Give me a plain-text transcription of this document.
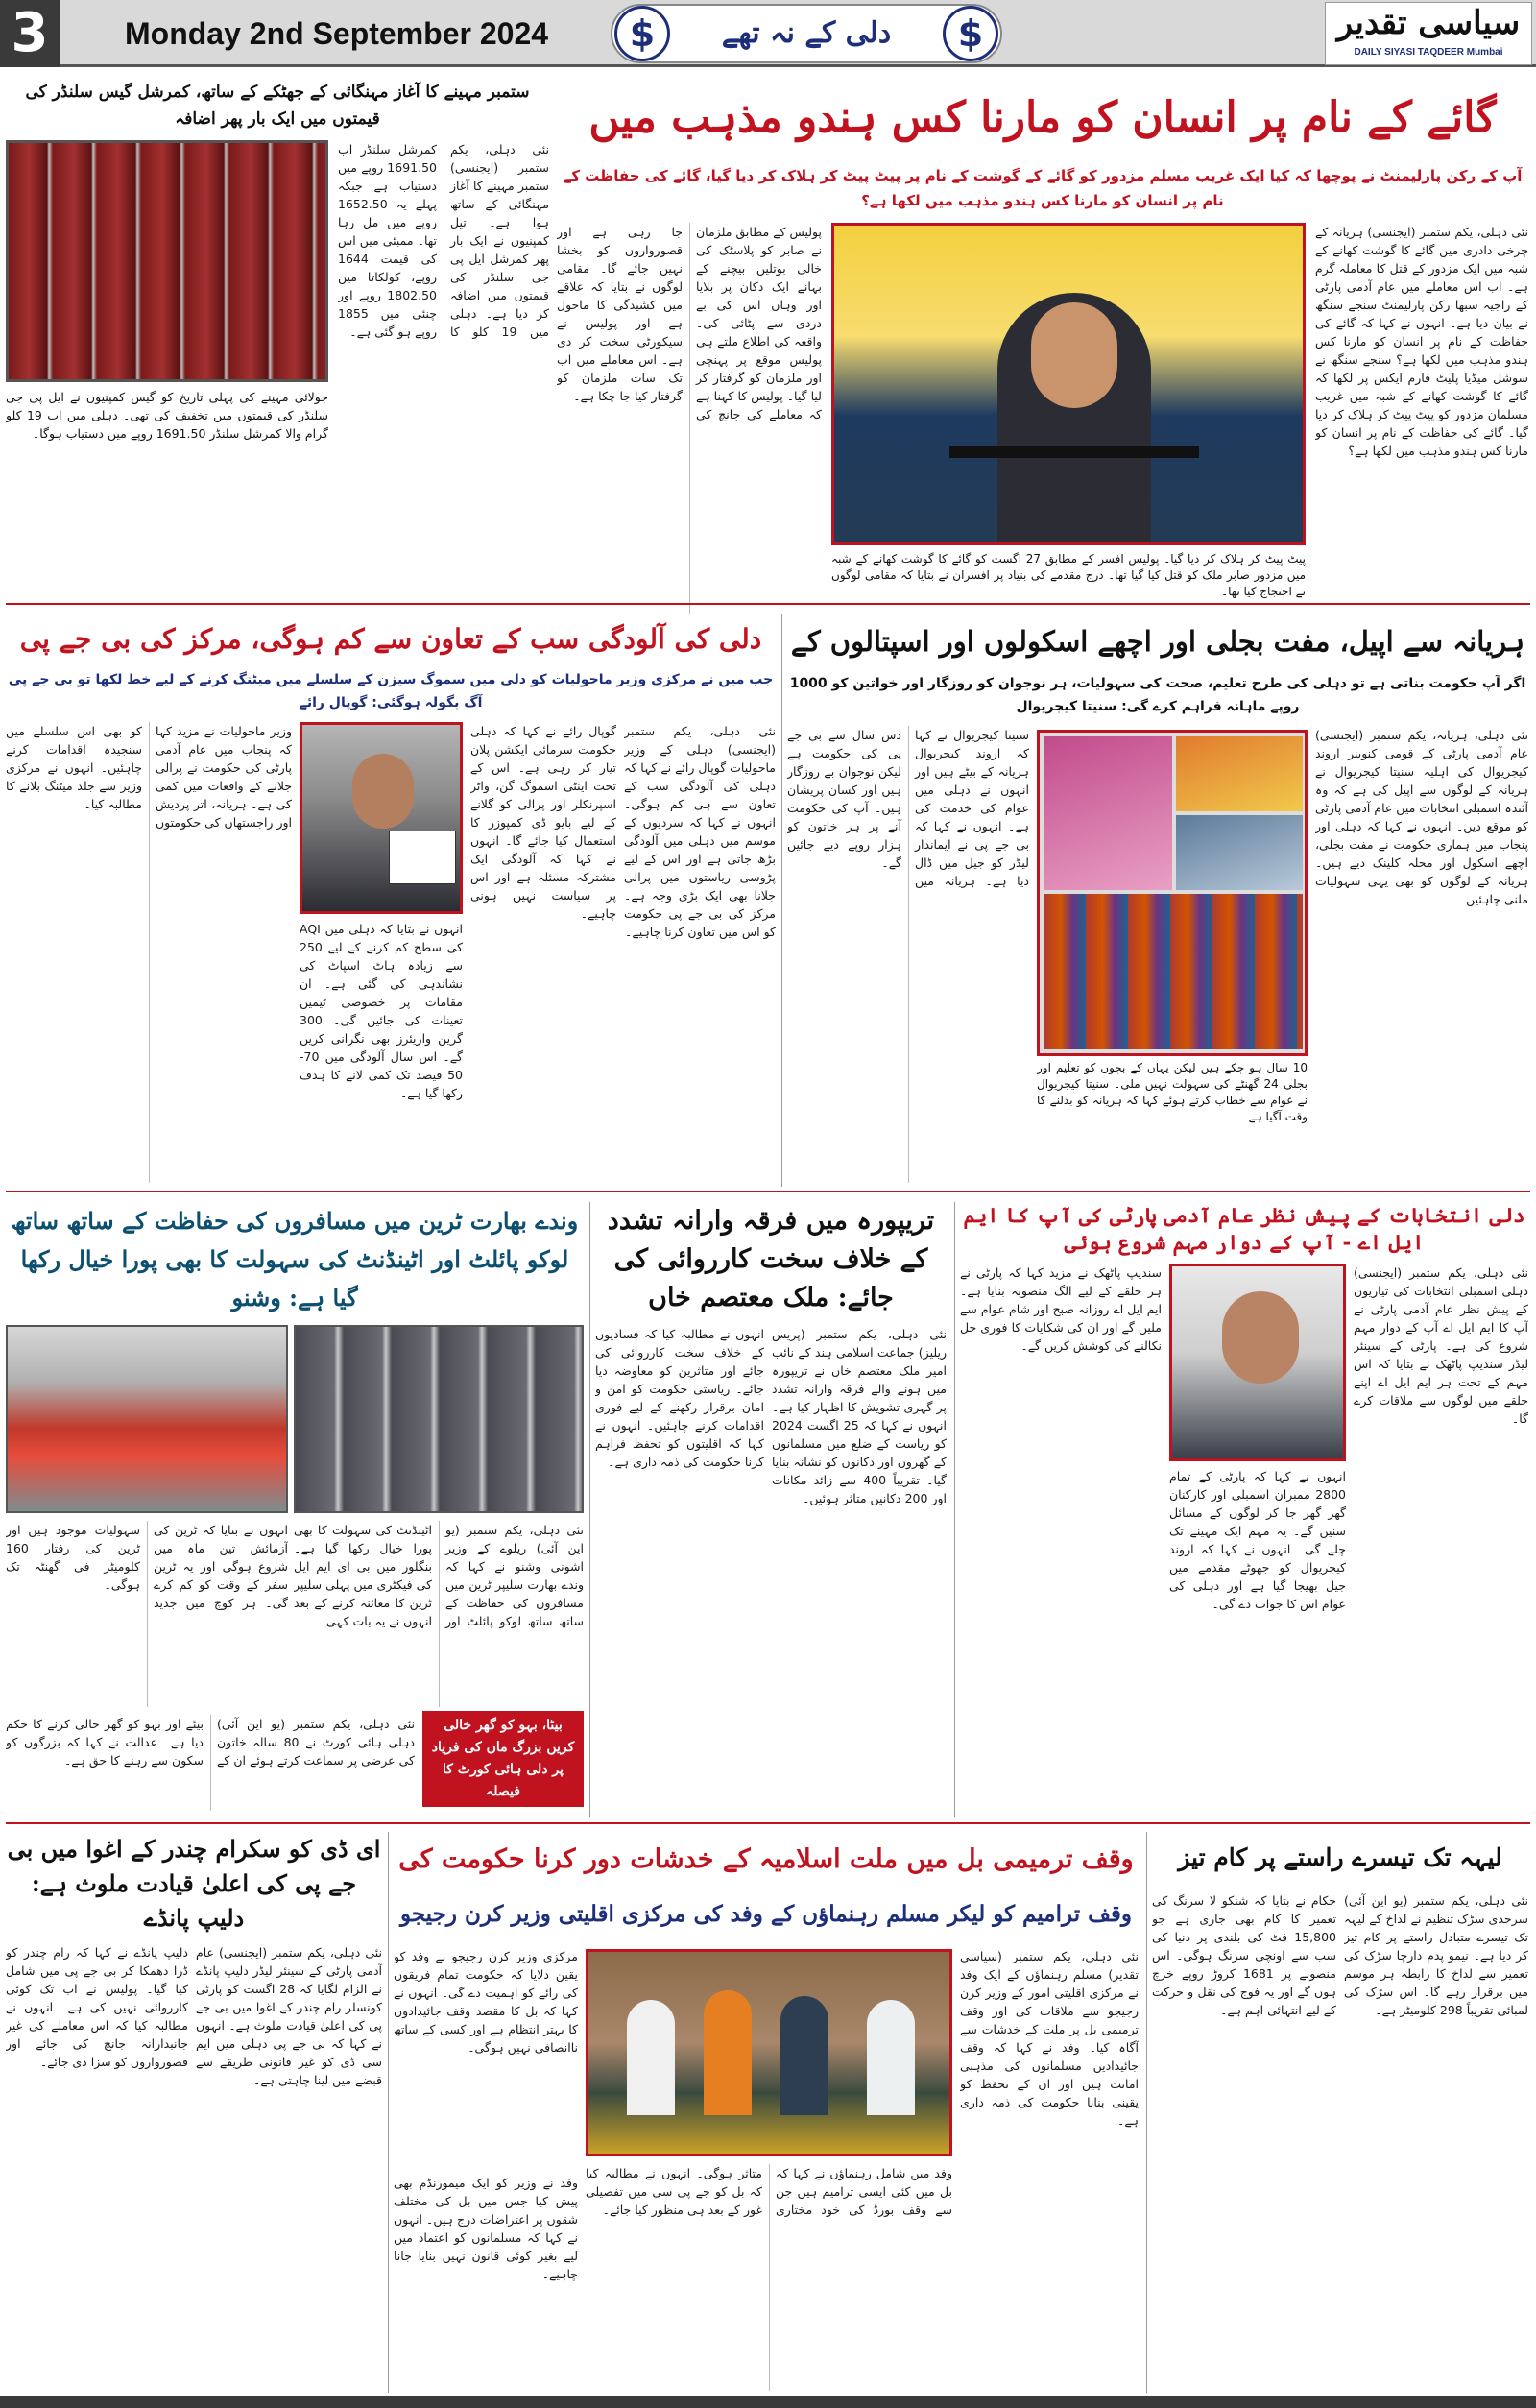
3	Monday 2nd September 2024	$	$
دلی کے نہ تھے	سیاسی تقدیر
DAILY SIYASI TAQDEER Mumbai
گائے کے نام پر انسان کو مارنا کس ہندو مذہب میں
آپ کے رکن پارلیمنٹ نے پوچھا کہ کیا ایک غریب مسلم مزدور کو گائے کے گوشت کے نام پر پیٹ پیٹ کر ہلاک کر دیا گیا، گائے کی حفاظت کے نام پر انسان کو مارنا کس ہندو مذہب میں لکھا ہے؟
نئی دہلی، یکم ستمبر (ایجنسی) ہریانہ کے چرخی دادری میں گائے کا گوشت کھانے کے شبہ میں ایک مزدور کے قتل کا معاملہ گرم ہے۔ اب اس معاملے میں عام آدمی پارٹی کے راجیہ سبھا رکن پارلیمنٹ سنجے سنگھ نے بیان دیا ہے۔ انہوں نے کہا کہ گائے کی حفاظت کے نام پر انسان کو مارنا کس ہندو مذہب میں لکھا ہے؟ سنجے سنگھ نے سوشل میڈیا پلیٹ فارم ایکس پر لکھا کہ گائے کا گوشت کھانے کے شبہ میں غریب مسلمان مزدور کو پیٹ پیٹ کر ہلاک کر دیا گیا۔ گائے کی حفاظت کے نام پر انسان کو مارنا کس ہندو مذہب میں لکھا ہے؟
پیٹ پیٹ کر ہلاک کر دیا گیا۔ پولیس افسر کے مطابق 27 اگست کو گائے کا گوشت کھانے کے شبہ میں مزدور صابر ملک کو قتل کیا گیا تھا۔ درج مقدمے کی بنیاد پر افسران نے بتایا کہ مقامی لوگوں نے احتجاج کیا تھا۔
پولیس کے مطابق ملزمان نے صابر کو پلاسٹک کی خالی بوتلیں بیچنے کے بہانے ایک دکان پر بلایا اور وہاں اس کی بے دردی سے پٹائی کی۔ واقعہ کی اطلاع ملتے ہی پولیس موقع پر پہنچی اور ملزمان کو گرفتار کر لیا گیا۔ پولیس کا کہنا ہے کہ معاملے کی جانچ کی جا رہی ہے اور قصورواروں کو بخشا نہیں جائے گا۔ مقامی لوگوں نے بتایا کہ علاقے میں کشیدگی کا ماحول ہے اور پولیس نے سیکورٹی سخت کر دی ہے۔ اس معاملے میں اب تک سات ملزمان کو گرفتار کیا جا چکا ہے۔
ستمبر مہینے کا آغاز مہنگائی کے جھٹکے کے ساتھ، کمرشل گیس سلنڈر کی قیمتوں میں ایک بار پھر اضافہ
جولائی مہینے کی پہلی تاریخ کو گیس کمپنیوں نے ایل پی جی سلنڈر کی قیمتوں میں تخفیف کی تھی۔ دہلی میں اب 19 کلو گرام والا کمرشل سلنڈر 1691.50 روپے میں دستیاب ہوگا۔
نئی دہلی، یکم ستمبر (ایجنسی) ستمبر مہینے کا آغاز مہنگائی کے ساتھ ہوا ہے۔ تیل کمپنیوں نے ایک بار پھر کمرشل ایل پی جی سلنڈر کی قیمتوں میں اضافہ کر دیا ہے۔ دہلی میں 19 کلو کا کمرشل سلنڈر اب 1691.50 روپے میں دستیاب ہے جبکہ پہلے یہ 1652.50 روپے میں مل رہا تھا۔ ممبئی میں اس کی قیمت 1644 روپے، کولکاتا میں 1802.50 روپے اور چنئی میں 1855 روپے ہو گئی ہے۔
ہریانہ سے اپیل، مفت بجلی اور اچھے اسکولوں اور اسپتالوں کے
اگر آپ حکومت بناتی ہے تو دہلی کی طرح تعلیم، صحت کی سہولیات، ہر نوجوان کو روزگار اور خواتین کو 1000 روپے ماہانہ فراہم کرے گی: سنیتا کیجریوال
نئی دہلی، ہریانہ، یکم ستمبر (ایجنسی) عام آدمی پارٹی کے قومی کنوینر اروند کیجریوال کی اہلیہ سنیتا کیجریوال نے ہریانہ کے لوگوں سے اپیل کی ہے کہ وہ آئندہ اسمبلی انتخابات میں عام آدمی پارٹی کو موقع دیں۔ انہوں نے کہا کہ دہلی اور پنجاب میں ہماری حکومت نے مفت بجلی، اچھے اسکول اور محلہ کلینک دیے ہیں۔ ہریانہ کے لوگوں کو بھی یہی سہولیات ملنی چاہئیں۔
10 سال ہو چکے ہیں لیکن یہاں کے بچوں کو تعلیم اور بجلی 24 گھنٹے کی سہولت نہیں ملی۔ سنیتا کیجریوال نے عوام سے خطاب کرتے ہوئے کہا کہ ہریانہ کو بدلنے کا وقت آگیا ہے۔
سنیتا کیجریوال نے کہا کہ اروند کیجریوال ہریانہ کے بیٹے ہیں اور انہوں نے دہلی میں عوام کی خدمت کی ہے۔ انہوں نے کہا کہ بی جے پی نے ایماندار لیڈر کو جیل میں ڈال دیا ہے۔ ہریانہ میں دس سال سے بی جے پی کی حکومت ہے لیکن نوجوان بے روزگار ہیں اور کسان پریشان ہیں۔ آپ کی حکومت آنے پر ہر خاتون کو ہزار روپے دیے جائیں گے۔
دلی کی آلودگی سب کے تعاون سے کم ہوگی، مرکز کی بی جے پی
جب میں نے مرکزی وزیر ماحولیات کو دلی میں سموگ سیزن کے سلسلے میں میٹنگ کرنے کے لیے خط لکھا تو بی جے پی آگ بگولہ ہوگئی: گوپال رائے
نئی دہلی، یکم ستمبر (ایجنسی) دہلی کے وزیر ماحولیات گوپال رائے نے کہا کہ دہلی کی آلودگی سب کے تعاون سے ہی کم ہوگی۔ انہوں نے کہا کہ سردیوں کے موسم میں دہلی میں آلودگی بڑھ جاتی ہے اور اس کے لیے پڑوسی ریاستوں میں پرالی جلانا بھی ایک بڑی وجہ ہے۔ مرکز کی بی جے پی حکومت کو اس میں تعاون کرنا چاہیے۔
گوپال رائے نے کہا کہ دہلی حکومت سرمائی ایکشن پلان تیار کر رہی ہے۔ اس کے تحت اینٹی اسموگ گن، واٹر اسپرنکلر اور پرالی کو گلانے کے لیے بایو ڈی کمپوزر کا استعمال کیا جائے گا۔ انہوں نے کہا کہ آلودگی ایک مشترکہ مسئلہ ہے اور اس پر سیاست نہیں ہونی چاہیے۔
انہوں نے بتایا کہ دہلی میں AQI کی سطح کم کرنے کے لیے 250 سے زیادہ ہاٹ اسپاٹ کی نشاندہی کی گئی ہے۔ ان مقامات پر خصوصی ٹیمیں تعینات کی جائیں گی۔ 300 گرین واریئرز بھی نگرانی کریں گے۔ اس سال آلودگی میں 70-50 فیصد تک کمی لانے کا ہدف رکھا گیا ہے۔
وزیر ماحولیات نے مزید کہا کہ پنجاب میں عام آدمی پارٹی کی حکومت نے پرالی جلانے کے واقعات میں کمی کی ہے۔ ہریانہ، اتر پردیش اور راجستھان کی حکومتوں کو بھی اس سلسلے میں سنجیدہ اقدامات کرنے چاہئیں۔ انہوں نے مرکزی وزیر سے جلد میٹنگ بلانے کا مطالبہ کیا۔
دلی انتخابات کے پیش نظر عام آدمی پارٹی کی آپ کا ایم ایل اے - آپ کے دوار مہم شروع ہوئی
نئی دہلی، یکم ستمبر (ایجنسی) دہلی اسمبلی انتخابات کی تیاریوں کے پیش نظر عام آدمی پارٹی نے آپ کا ایم ایل اے آپ کے دوار مہم شروع کی ہے۔ پارٹی کے سینئر لیڈر سندیپ پاٹھک نے بتایا کہ اس مہم کے تحت ہر ایم ایل اے اپنے حلقے میں لوگوں سے ملاقات کرے گا۔
انہوں نے کہا کہ پارٹی کے تمام 2800 ممبران اسمبلی اور کارکنان گھر گھر جا کر لوگوں کے مسائل سنیں گے۔ یہ مہم ایک مہینے تک چلے گی۔ انہوں نے کہا کہ اروند کیجریوال کو جھوٹے مقدمے میں جیل بھیجا گیا ہے اور دہلی کی عوام اس کا جواب دے گی۔
سندیپ پاٹھک نے مزید کہا کہ پارٹی نے ہر حلقے کے لیے الگ منصوبہ بنایا ہے۔ ایم ایل اے روزانہ صبح اور شام عوام سے ملیں گے اور ان کی شکایات کا فوری حل نکالنے کی کوشش کریں گے۔
تریپورہ میں فرقہ وارانہ تشدد کے خلاف سخت کارروائی کی جائے: ملک معتصم خاں
نئی دہلی، یکم ستمبر (پریس ریلیز) جماعت اسلامی ہند کے نائب امیر ملک معتصم خاں نے تریپورہ میں ہونے والے فرقہ وارانہ تشدد پر گہری تشویش کا اظہار کیا ہے۔ انہوں نے کہا کہ 25 اگست 2024 کو ریاست کے ضلع میں مسلمانوں کے گھروں اور دکانوں کو نشانہ بنایا گیا۔ تقریباً 400 سے زائد مکانات اور 200 دکانیں متاثر ہوئیں۔
انہوں نے مطالبہ کیا کہ فسادیوں کے خلاف سخت کارروائی کی جائے اور متاثرین کو معاوضہ دیا جائے۔ ریاستی حکومت کو امن و امان برقرار رکھنے کے لیے فوری اقدامات کرنے چاہئیں۔ انہوں نے کہا کہ اقلیتوں کو تحفظ فراہم کرنا حکومت کی ذمہ داری ہے۔
وندے بھارت ٹرین میں مسافروں کی حفاظت کے ساتھ ساتھ لوکو پائلٹ اور اٹینڈنٹ کی سہولت کا بھی پورا خیال رکھا گیا ہے: وشنو
نئی دہلی، یکم ستمبر (یو این آئی) ریلوے کے وزیر اشونی وشنو نے کہا کہ وندے بھارت سلیپر ٹرین میں مسافروں کی حفاظت کے ساتھ ساتھ لوکو پائلٹ اور اٹینڈنٹ کی سہولت کا بھی پورا خیال رکھا گیا ہے۔ بنگلور میں بی ای ایم ایل کی فیکٹری میں پہلی سلیپر ٹرین کا معائنہ کرنے کے بعد انہوں نے یہ بات کہی۔
انہوں نے بتایا کہ ٹرین کی آزمائش تین ماہ میں شروع ہوگی اور یہ ٹرین سفر کے وقت کو کم کرے گی۔ ہر کوچ میں جدید سہولیات موجود ہیں اور ٹرین کی رفتار 160 کلومیٹر فی گھنٹہ تک ہوگی۔
بیٹا، بہو کو گھر خالی کریں بزرگ ماں کی فریاد پر دلی ہائی کورٹ کا فیصلہ
نئی دہلی، یکم ستمبر (یو این آئی) دہلی ہائی کورٹ نے 80 سالہ خاتون کی عرضی پر سماعت کرتے ہوئے ان کے بیٹے اور بہو کو گھر خالی کرنے کا حکم دیا ہے۔ عدالت نے کہا کہ بزرگوں کو سکون سے رہنے کا حق ہے۔
لیہہ تک تیسرے راستے پر کام تیز
نئی دہلی، یکم ستمبر (یو این آئی) سرحدی سڑک تنظیم نے لداخ کے لیہہ تک تیسرے متبادل راستے پر کام تیز کر دیا ہے۔ نیمو پدم دارچا سڑک کی تعمیر سے لداخ کا رابطہ ہر موسم میں برقرار رہے گا۔ اس سڑک کی لمبائی تقریباً 298 کلومیٹر ہے۔
حکام نے بتایا کہ شنکو لا سرنگ کی تعمیر کا کام بھی جاری ہے جو 15,800 فٹ کی بلندی پر دنیا کی سب سے اونچی سرنگ ہوگی۔ اس منصوبے پر 1681 کروڑ روپے خرچ ہوں گے اور یہ فوج کی نقل و حرکت کے لیے انتہائی اہم ہے۔
وقف ترمیمی بل میں ملت اسلامیہ کے خدشات دور کرنا حکومت کی
وقف ترامیم کو لیکر مسلم رہنماؤں کے وفد کی مرکزی اقلیتی وزیر کرن رجیجو
نئی دہلی، یکم ستمبر (سیاسی تقدیر) مسلم رہنماؤں کے ایک وفد نے مرکزی اقلیتی امور کے وزیر کرن رجیجو سے ملاقات کی اور وقف ترمیمی بل پر ملت کے خدشات سے آگاہ کیا۔ وفد نے کہا کہ وقف جائیدادیں مسلمانوں کی مذہبی امانت ہیں اور ان کے تحفظ کو یقینی بنانا حکومت کی ذمہ داری ہے۔
وفد میں شامل رہنماؤں نے کہا کہ بل میں کئی ایسی ترامیم ہیں جن سے وقف بورڈ کی خود مختاری متاثر ہوگی۔ انہوں نے مطالبہ کیا کہ بل کو جے پی سی میں تفصیلی غور کے بعد ہی منظور کیا جائے۔
مرکزی وزیر کرن رجیجو نے وفد کو یقین دلایا کہ حکومت تمام فریقوں کی رائے کو اہمیت دے گی۔ انہوں نے کہا کہ بل کا مقصد وقف جائیدادوں کا بہتر انتظام ہے اور کسی کے ساتھ ناانصافی نہیں ہوگی۔
وفد نے وزیر کو ایک میمورنڈم بھی پیش کیا جس میں بل کی مختلف شقوں پر اعتراضات درج ہیں۔ انہوں نے کہا کہ مسلمانوں کو اعتماد میں لیے بغیر کوئی قانون نہیں بنایا جانا چاہیے۔
ای ڈی کو سکرام چندر کے اغوا میں بی جے پی کی اعلیٰ قیادت ملوث ہے: دلیپ پانڈے
نئی دہلی، یکم ستمبر (ایجنسی) عام آدمی پارٹی کے سینئر لیڈر دلیپ پانڈے نے الزام لگایا کہ 28 اگست کو پارٹی کونسلر رام چندر کے اغوا میں بی جے پی کی اعلیٰ قیادت ملوث ہے۔ انہوں نے کہا کہ بی جے پی دہلی میں ایم سی ڈی کو غیر قانونی طریقے سے قبضے میں لینا چاہتی ہے۔
دلیپ پانڈے نے کہا کہ رام چندر کو ڈرا دھمکا کر بی جے پی میں شامل کیا گیا۔ پولیس نے اب تک کوئی کارروائی نہیں کی ہے۔ انہوں نے مطالبہ کیا کہ اس معاملے کی غیر جانبدارانہ جانچ کی جائے اور قصورواروں کو سزا دی جائے۔
